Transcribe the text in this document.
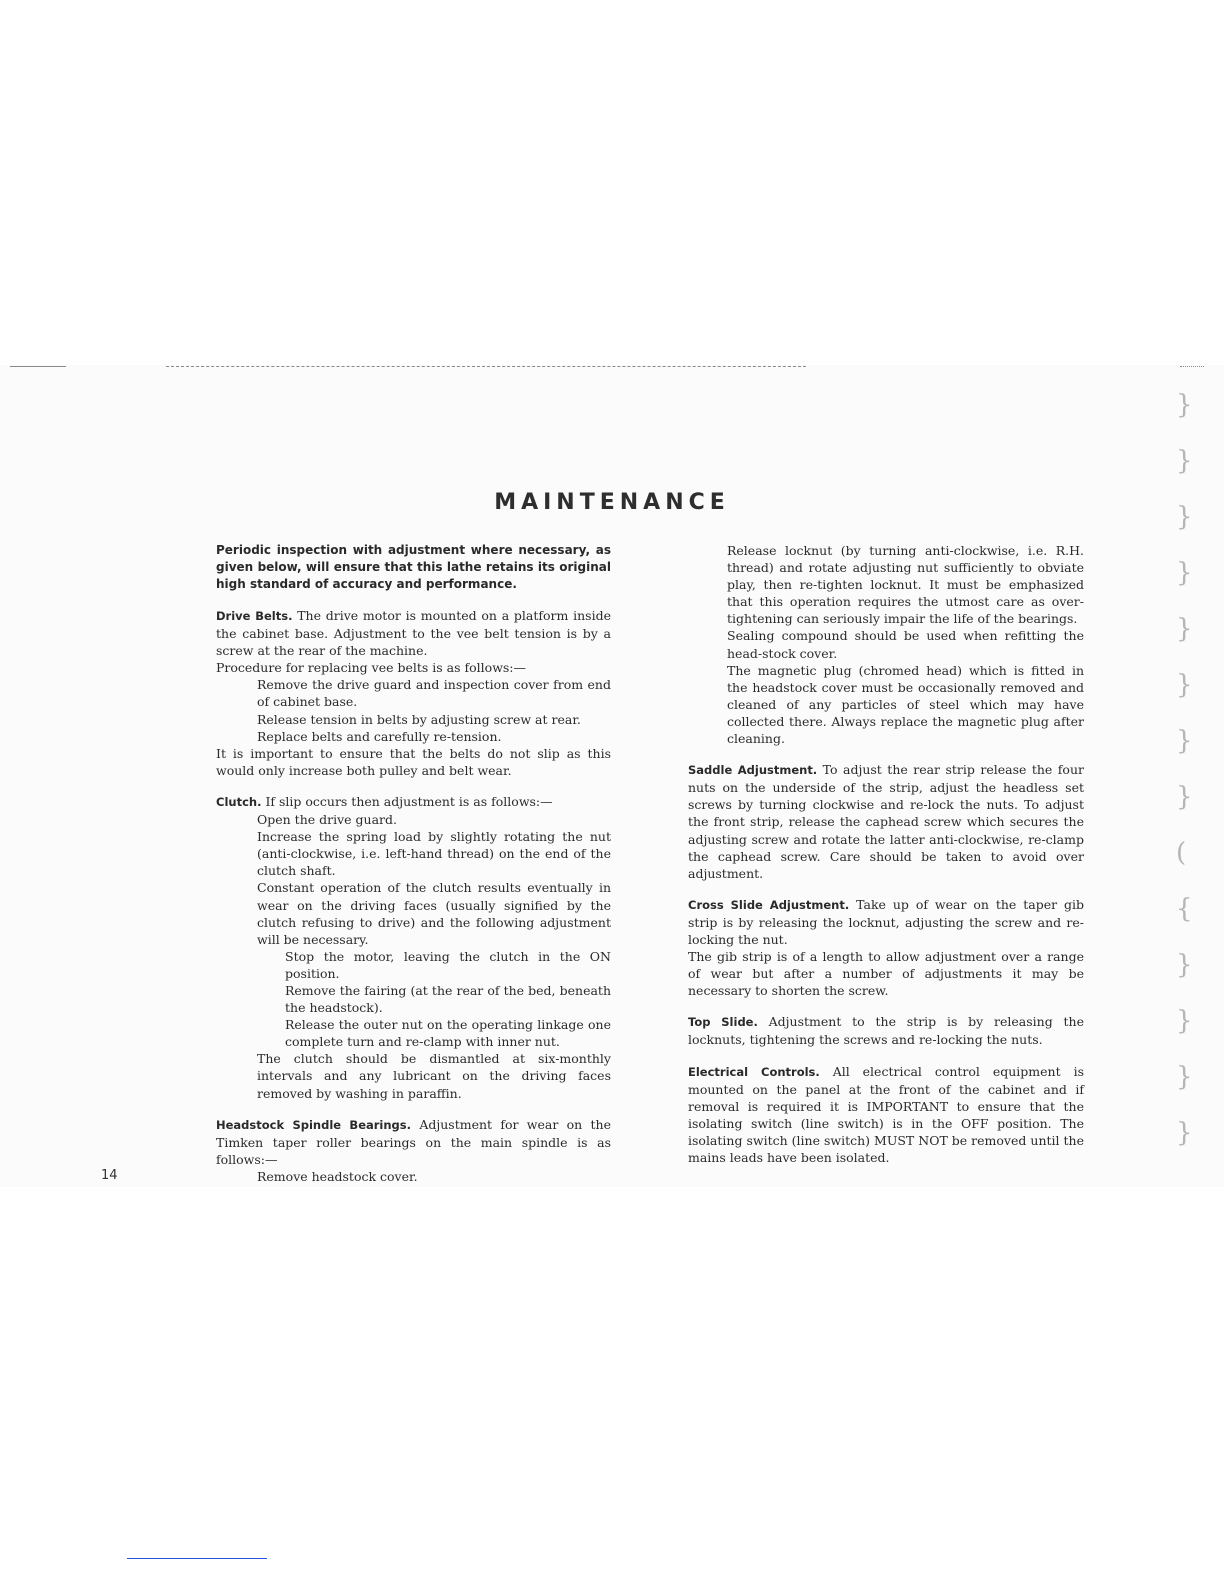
MAINTENANCE

Periodic inspection with adjustment where necessary, as given below, will ensure that this lathe retains its original high standard of accuracy and performance.

Drive Belts. The drive motor is mounted on a platform inside the cabinet base. Adjustment to the vee belt tension is by a screw at the rear of the machine.

Procedure for replacing vee belts is as follows:—

Remove the drive guard and inspection cover from end of cabinet base.

Release tension in belts by adjusting screw at rear.

Replace belts and carefully re-tension.

It is important to ensure that the belts do not slip as this would only increase both pulley and belt wear.

Clutch. If slip occurs then adjustment is as follows:—

Open the drive guard.

Increase the spring load by slightly rotating the nut (anti-clockwise, i.e. left-hand thread) on the end of the clutch shaft.

Constant operation of the clutch results eventually in wear on the driving faces (usually signified by the clutch refusing to drive) and the following adjustment will be necessary.

Stop the motor, leaving the clutch in the ON position.

Remove the fairing (at the rear of the bed, beneath the headstock).

Release the outer nut on the operating linkage one complete turn and re-clamp with inner nut.

The clutch should be dismantled at six-monthly intervals and any lubricant on the driving faces removed by washing in paraffin.

Headstock Spindle Bearings. Adjustment for wear on the Timken taper roller bearings on the main spindle is as follows:—

Remove headstock cover.

Release locknut (by turning anti-clockwise, i.e. R.H. thread) and rotate adjusting nut sufficiently to obviate play, then re-tighten locknut. It must be emphasized that this operation requires the utmost care as over-tightening can seriously impair the life of the bearings.

Sealing compound should be used when refitting the head-stock cover.

The magnetic plug (chromed head) which is fitted in the headstock cover must be occasionally removed and cleaned of any particles of steel which may have collected there. Always replace the magnetic plug after cleaning.

Saddle Adjustment. To adjust the rear strip release the four nuts on the underside of the strip, adjust the headless set screws by turning clockwise and re-lock the nuts. To adjust the front strip, release the caphead screw which secures the adjusting screw and rotate the latter anti-clockwise, re-clamp the caphead screw. Care should be taken to avoid over adjustment.

Cross Slide Adjustment. Take up of wear on the taper gib strip is by releasing the locknut, adjusting the screw and re-locking the nut.

The gib strip is of a length to allow adjustment over a range of wear but after a number of adjustments it may be necessary to shorten the screw.

Top Slide. Adjustment to the strip is by releasing the locknuts, tightening the screws and re-locking the nuts.

Electrical Controls. All electrical control equipment is mounted on the panel at the front of the cabinet and if removal is required it is IMPORTANT to ensure that the isolating switch (line switch) is in the OFF position. The isolating switch (line switch) MUST NOT be removed until the mains leads have been isolated.

14
}
}
}
}
}
}
}
}
(
{
}
}
}
}
